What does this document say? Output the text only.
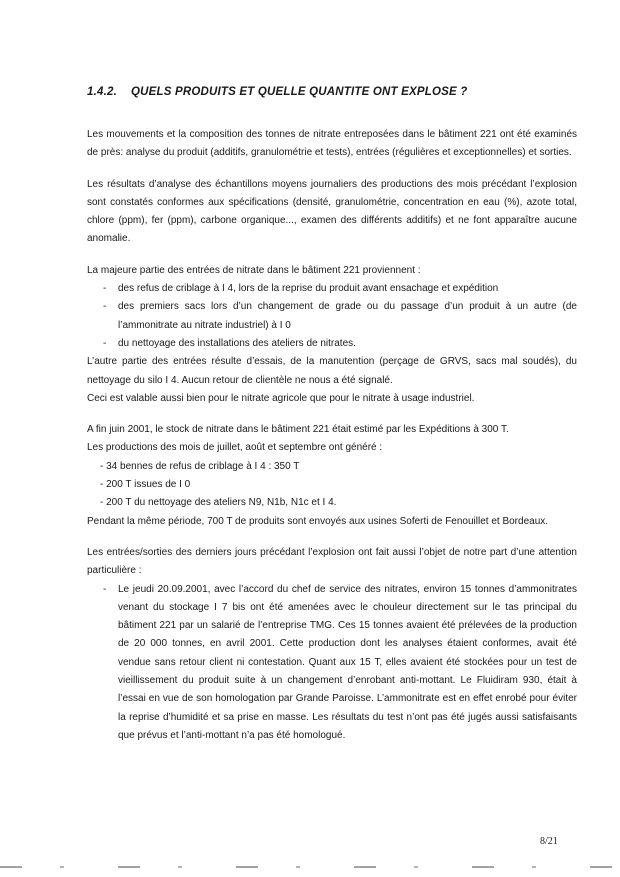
1.4.2. QUELS PRODUITS ET QUELLE QUANTITE ONT EXPLOSE ?

Les mouvements et la composition des tonnes de nitrate entreposées dans le bâtiment 221 ont été examinés de près: analyse du produit (additifs, granulométrie et tests), entrées (régulières et exceptionnelles) et sorties.

Les résultats d’analyse des échantillons moyens journaliers des productions des mois précédant l’explosion sont constatés conformes aux spécifications (densité, granulométrie, concentration en eau (%), azote total, chlore (ppm), fer (ppm), carbone organique..., examen des différents additifs) et ne font apparaître aucune anomalie.

La majeure partie des entrées de nitrate dans le bâtiment 221 proviennent :

- des refus de criblage à I 4, lors de la reprise du produit avant ensachage et expédition
- des premiers sacs lors d’un changement de grade ou du passage d’un produit à un autre (de l’ammonitrate au nitrate industriel) à I 0
- du nettoyage des installations des ateliers de nitrates.

L’autre partie des entrées résulte d’essais, de la manutention (perçage de GRVS, sacs mal soudés), du nettoyage du silo I 4. Aucun retour de clientèle ne nous a été signalé.

Ceci est valable aussi bien pour le nitrate agricole que pour le nitrate à usage industriel.

A fin juin 2001, le stock de nitrate dans le bâtiment 221 était estimé par les Expéditions à 300 T.

Les productions des mois de juillet, août et septembre ont généré :

- 34 bennes de refus de criblage à I 4 : 350 T
- 200 T issues de I 0
- 200 T du nettoyage des ateliers N9, N1b, N1c et I 4.

Pendant la même période, 700 T de produits sont envoyés aux usines Soferti de Fenouillet et Bordeaux.

Les entrées/sorties des derniers jours précédant l’explosion ont fait aussi l’objet de notre part d’une attention particulière :

- Le jeudi 20.09.2001, avec l’accord du chef de service des nitrates, environ 15 tonnes d’ammonitrates venant du stockage I 7 bis ont été amenées avec le chouleur directement sur le tas principal du bâtiment 221 par un salarié de l’entreprise TMG. Ces 15 tonnes avaient été prélevées de la production de 20 000 tonnes, en avril 2001. Cette production dont les analyses étaient conformes, avait été vendue sans retour client ni contestation. Quant aux 15 T, elles avaient été stockées pour un test de vieillissement du produit suite à un changement d’enrobant anti-mottant. Le Fluidiram 930, était à l’essai en vue de son homologation par Grande Paroisse. L’ammonitrate est en effet enrobé pour éviter la reprise d’humidité et sa prise en masse. Les résultats du test n’ont pas été jugés aussi satisfaisants que prévus et l’anti-mottant n’a pas été homologué.
8/21
